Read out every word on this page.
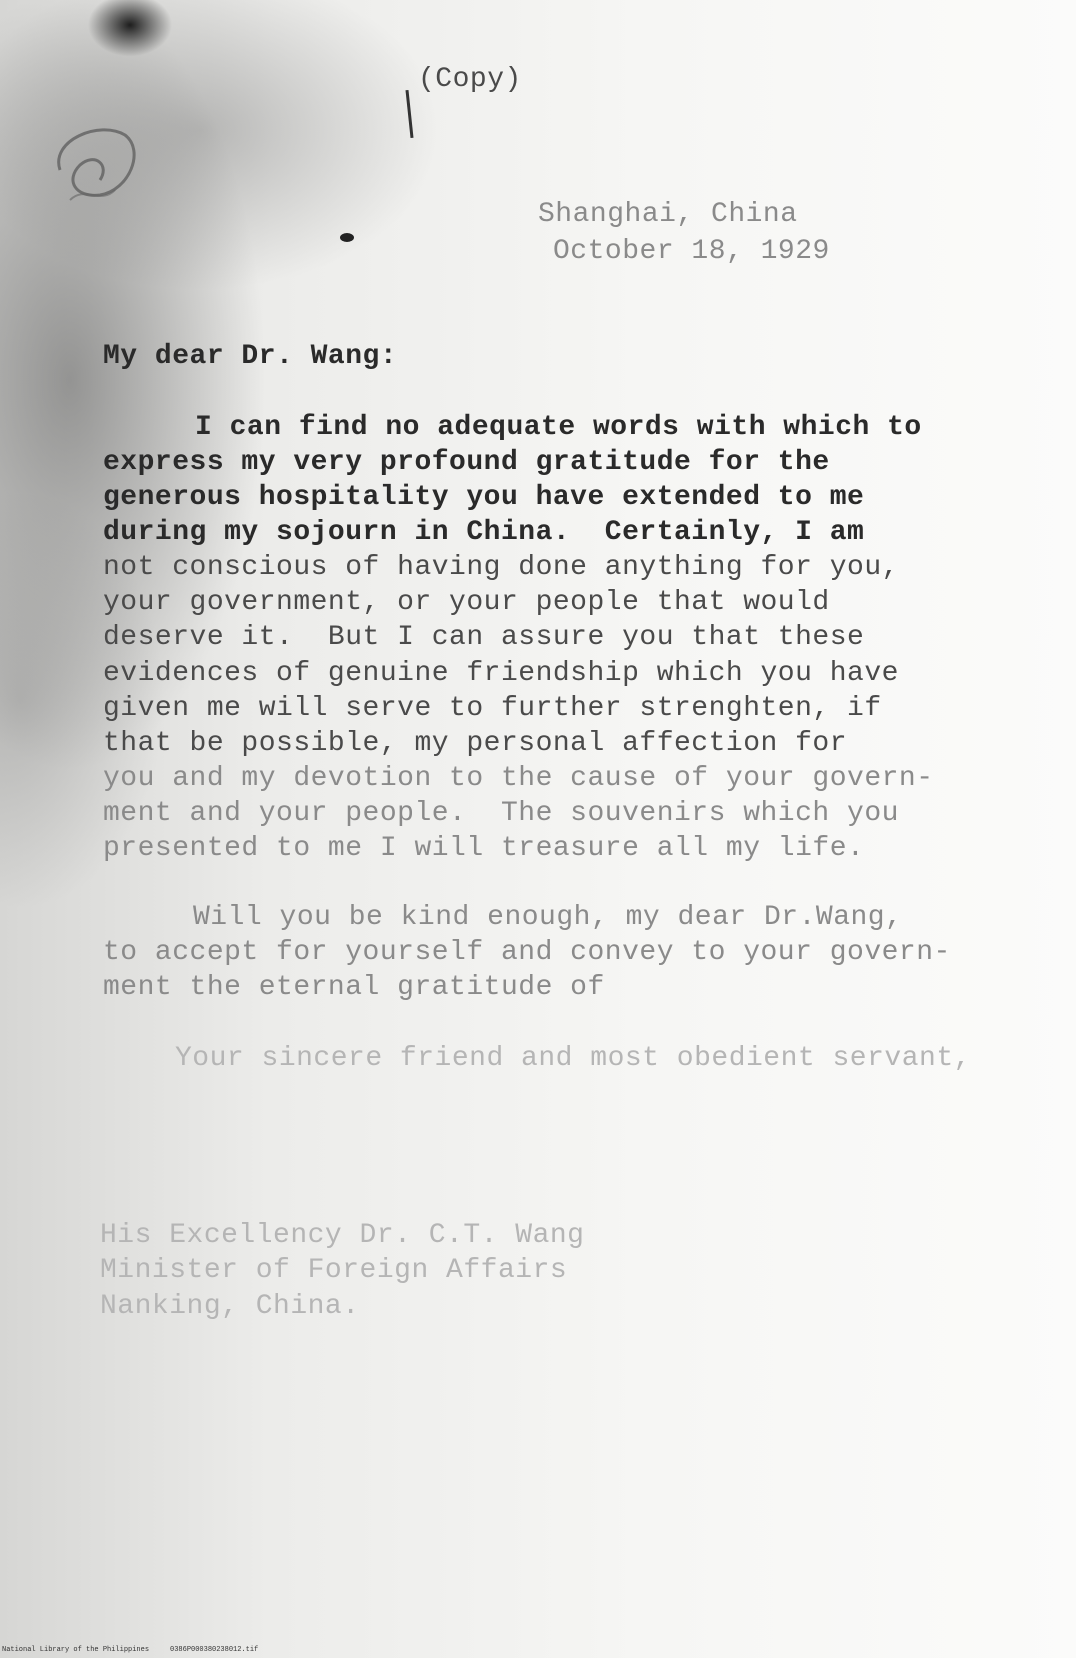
(Copy)
Shanghai, China
October 18, 1929
My dear Dr. Wang:
I can find no adequate words with which to
express my very profound gratitude for the
generous hospitality you have extended to me
during my sojourn in China.  Certainly, I am
not conscious of having done anything for you,
your government, or your people that would
deserve it.  But I can assure you that these
evidences of genuine friendship which you have
given me will serve to further strenghten, if
that be possible, my personal affection for
you and my devotion to the cause of your govern-
ment and your people.  The souvenirs which you
presented to me I will treasure all my life.
Will you be kind enough, my dear Dr.Wang,
to accept for yourself and convey to your govern-
ment the eternal gratitude of
Your sincere friend and most obedient servant,
His Excellency Dr. C.T. Wang
Minister of Foreign Affairs
Nanking, China.
National Library of the Philippines     0386P000380238012.tif
